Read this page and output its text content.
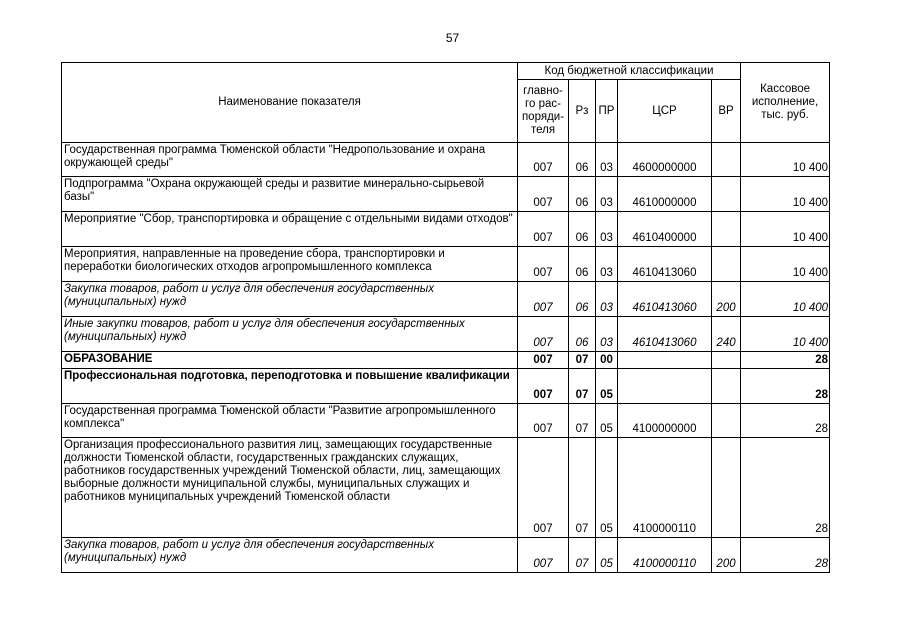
57
Наименование показателя	Код бюджетной классификации					Кассовое исполнение, тыс. руб.
	главно-го рас-поряди-теля	Рз	ПР	ЦСР	ВР	
Государственная программа Тюменской области "Недропользование и охрана окружающей среды"	007	06	03	4600000000		10 400
Подпрограмма "Охрана окружающей среды и развитие минерально-сырьевой базы"	007	06	03	4610000000		10 400
Мероприятие "Сбор, транспортировка и обращение с отдельными видами отходов"	007	06	03	4610400000		10 400
Мероприятия, направленные на проведение сбора, транспортировки и переработки биологических отходов агропромышленного комплекса	007	06	03	4610413060		10 400
Закупка товаров, работ и услуг для обеспечения государственных (муниципальных) нужд	007	06	03	4610413060	200	10 400
Иные закупки товаров, работ и услуг для обеспечения государственных (муниципальных) нужд	007	06	03	4610413060	240	10 400
ОБРАЗОВАНИЕ	007	07	00			28
Профессиональная подготовка, переподготовка и повышение квалификации	007	07	05			28
Государственная программа Тюменской области "Развитие агропромышленного комплекса"	007	07	05	4100000000		28
Организация профессионального развития лиц, замещающих государственные должности Тюменской области, государственных гражданских служащих, работников государственных учреждений Тюменской области, лиц, замещающих выборные должности муниципальной службы, муниципальных служащих и работников муниципальных учреждений Тюменской области	007	07	05	4100000110		28
Закупка товаров, работ и услуг для обеспечения государственных (муниципальных) нужд	007	07	05	4100000110	200	28
